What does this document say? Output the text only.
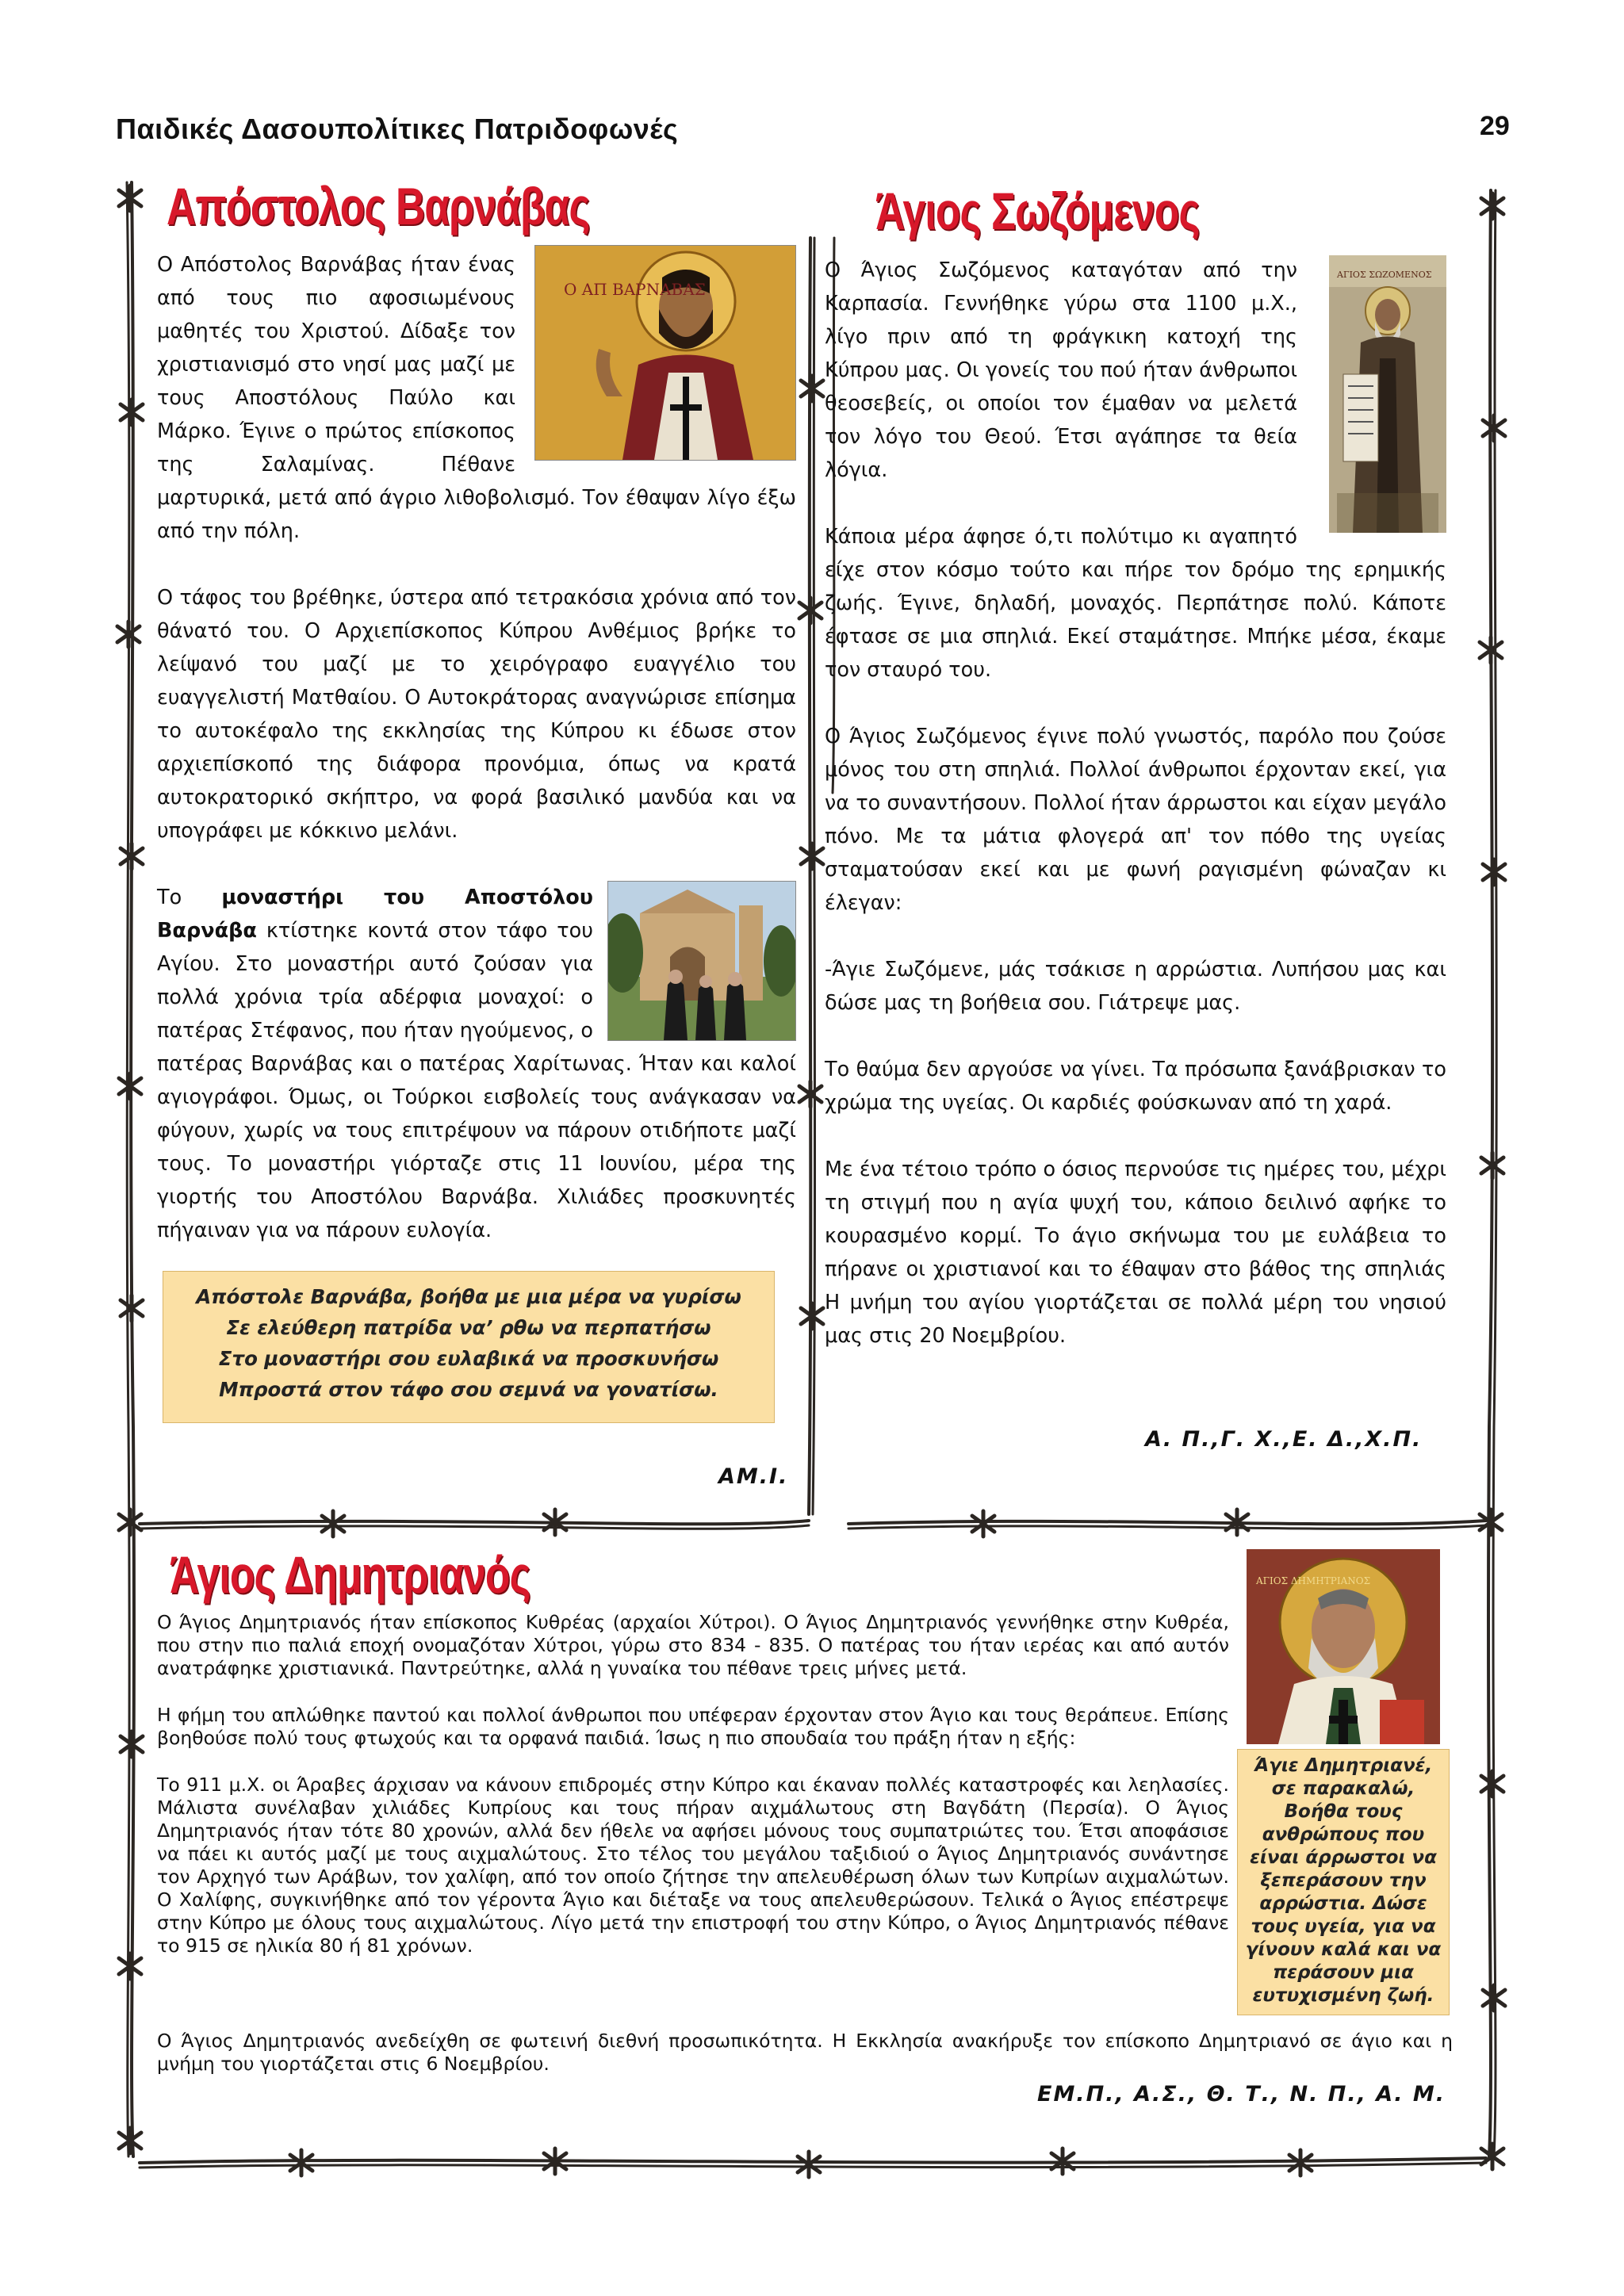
Παιδικές Δασουπολίτικες Πατριδοφωνές	29
Απόστολος Βαρνάβας
Ο ΑΠ ΒΑΡΝΑΒΑΣ

Ο Απόστολος Βαρνάβας ήταν ένας από τους πιο αφοσιωμένους μαθητές του Χριστού. Δίδαξε τον χριστιανισμό στο νησί μας μαζί με τους Αποστόλους Παύλο και Μάρκο. Έγινε ο πρώτος επίσκοπος της Σαλαμίνας. Πέθανε μαρτυρικά, μετά από άγριο λιθοβολισμό. Τον έθαψαν λίγο έξω από την πόλη.

Ο τάφος του βρέθηκε, ύστερα από τετρακόσια χρόνια από τον θάνατό του. Ο Αρχιεπίσκοπος Κύπρου Ανθέμιος βρήκε το λείψανό του μαζί με το χειρόγραφο ευαγγέλιο του ευαγγελιστή Ματθαίου. Ο Αυτοκράτορας αναγνώρισε επίσημα το αυτοκέφαλο της εκκλησίας της Κύπρου κι έδωσε στον αρχιεπίσκοπό της διάφορα προνόμια, όπως να κρατά αυτοκρατορικό σκήπτρο, να φορά βασιλικό μανδύα και να υπογράφει με κόκκινο μελάνι.

Το μοναστήρι του Αποστόλου Βαρνάβα κτίστηκε κοντά στον τάφο του Αγίου. Στο μοναστήρι αυτό ζούσαν για πολλά χρόνια τρία αδέρφια μοναχοί: ο πατέρας Στέφανος, που ήταν ηγούμενος, ο πατέρας Βαρνάβας και ο πατέρας Χαρίτωνας. Ήταν και καλοί αγιογράφοι. Όμως, οι Τούρκοι εισβολείς τους ανάγκασαν να φύγουν, χωρίς να τους επιτρέψουν να πάρουν οτιδήποτε μαζί τους. Το μοναστήρι γιόρταζε στις 11 Ιουνίου, μέρα της γιορτής του Αποστόλου Βαρνάβα. Χιλιάδες προσκυνητές πήγαιναν για να πάρουν ευλογία.

Απόστολε Βαρνάβα, βοήθα με μια μέρα να γυρίσω
Σε ελεύθερη πατρίδα να’ ρθω να περπατήσω
Στο μοναστήρι σου ευλαβικά να προσκυνήσω
Μπροστά στον τάφο σου σεμνά να γονατίσω.
ΑΜ.Ι.
Άγιος Σωζόμενος
ΑΓΙΟΣ ΣΩΖΟΜΕΝΟΣ

Ο Άγιος Σωζόμενος καταγόταν από την Καρπασία. Γεννήθηκε γύρω στα 1100 μ.Χ., λίγο πριν από τη φράγκικη κατοχή της Κύπρου μας. Οι γονείς του πού ήταν άνθρωποι θεοσεβείς, οι οποίοι τον έμαθαν να μελετά τον λόγο του Θεού. Έτσι αγάπησε τα θεία λόγια.

Κάποια μέρα άφησε ό,τι πολύτιμο κι αγαπητό είχε στον κόσμο τούτο και πήρε τον δρόμο της ερημικής ζωής. Έγινε, δηλαδή, μοναχός. Περπάτησε πολύ. Κάποτε έφτασε σε μια σπηλιά. Εκεί σταμάτησε. Μπήκε μέσα, έκαμε τον σταυρό του.

Ο Άγιος Σωζόμενος έγινε πολύ γνωστός, παρόλο που ζούσε μόνος του στη σπηλιά. Πολλοί άνθρωποι έρχονταν εκεί, για να το συναντήσουν. Πολλοί ήταν άρρωστοι και είχαν μεγάλο πόνο. Με τα μάτια φλογερά απ' τον πόθο της υγείας σταματούσαν εκεί και με φωνή ραγισμένη φώναζαν κι έλεγαν:

-Άγιε Σωζόμενε, μάς τσάκισε η αρρώστια. Λυπήσου μας και δώσε μας τη βοήθεια σου. Γιάτρεψε μας.

Το θαύμα δεν αργούσε να γίνει. Τα πρόσωπα ξανάβρισκαν το χρώμα της υγείας. Οι καρδιές φούσκωναν από τη χαρά.

Με ένα τέτοιο τρόπο ο όσιος περνούσε τις ημέρες του, μέχρι τη στιγμή που η αγία ψυχή του, κάποιο δειλινό αφήκε το κουρασμένο κορμί. Το άγιο σκήνωμα του με ευλάβεια το πήρανε οι χριστιανοί και το έθαψαν στο βάθος της σπηλιάς Η μνήμη του αγίου γιορτάζεται σε πολλά μέρη του νησιού μας στις 20 Νοεμβρίου.

Α. Π.,Γ. Χ.,Ε. Δ.,Χ.Π.
Άγιος Δημητριανός	ΑΓΙΟΣ ΔΗΜΗΤΡΙΑΝΟΣ
Άγιε Δημητριανέ, σε παρακαλώ, Βοήθα τους ανθρώπους που είναι άρρωστοι να ξεπεράσουν την αρρώστια. Δώσε τους υγεία, για να γίνουν καλά και να περάσουν μια ευτυχισμένη ζωή.

Ο Άγιος Δημητριανός ήταν επίσκοπος Κυθρέας (αρχαίοι Χύτροι). Ο Άγιος Δημητριανός γεννήθηκε στην Κυθρέα, που στην πιο παλιά εποχή ονομαζόταν Χύτροι, γύρω στο 834 - 835. Ο πατέρας του ήταν ιερέας και από αυτόν ανατράφηκε χριστιανικά. Παντρεύτηκε, αλλά η γυναίκα του πέθανε τρεις μήνες μετά.

Η φήμη του απλώθηκε παντού και πολλοί άνθρωποι που υπέφεραν έρχονταν στον Άγιο και τους θεράπευε. Επίσης βοηθούσε πολύ τους φτωχούς και τα ορφανά παιδιά. Ίσως η πιο σπουδαία του πράξη ήταν η εξής:

Το 911 μ.Χ. οι Άραβες άρχισαν να κάνουν επιδρομές στην Κύπρο και έκαναν πολλές καταστροφές και λεηλασίες. Μάλιστα συνέλαβαν χιλιάδες Κυπρίους και τους πήραν αιχμάλωτους στη Βαγδάτη (Περσία). Ο Άγιος Δημητριανός ήταν τότε 80 χρονών, αλλά δεν ήθελε να αφήσει μόνους τους συμπατριώτες του. Έτσι αποφάσισε να πάει κι αυτός μαζί με τους αιχμαλώτους. Στο τέλος του μεγάλου ταξιδιού ο Άγιος Δημητριανός συνάντησε τον Αρχηγό των Αράβων, τον χαλίφη, από τον οποίο ζήτησε την απελευθέρωση όλων των Κυπρίων αιχμαλώτων. Ο Χαλίφης, συγκινήθηκε από τον γέροντα Άγιο και διέταξε να τους απελευθερώσουν. Τελικά ο Άγιος επέστρεψε στην Κύπρο με όλους τους αιχμαλώτους. Λίγο μετά την επιστροφή του στην Κύπρο, ο Άγιος Δημητριανός πέθανε το 915 σε ηλικία 80 ή 81 χρόνων.

Ο Άγιος Δημητριανός ανεδείχθη σε φωτεινή διεθνή προσωπικότητα. Η Εκκλησία ανακήρυξε τον επίσκοπο Δημητριανό σε άγιο και η μνήμη του γιορτάζεται στις 6 Νοεμβρίου.

ΕΜ.Π., Α.Σ., Θ. Τ., Ν. Π., Α. Μ.
